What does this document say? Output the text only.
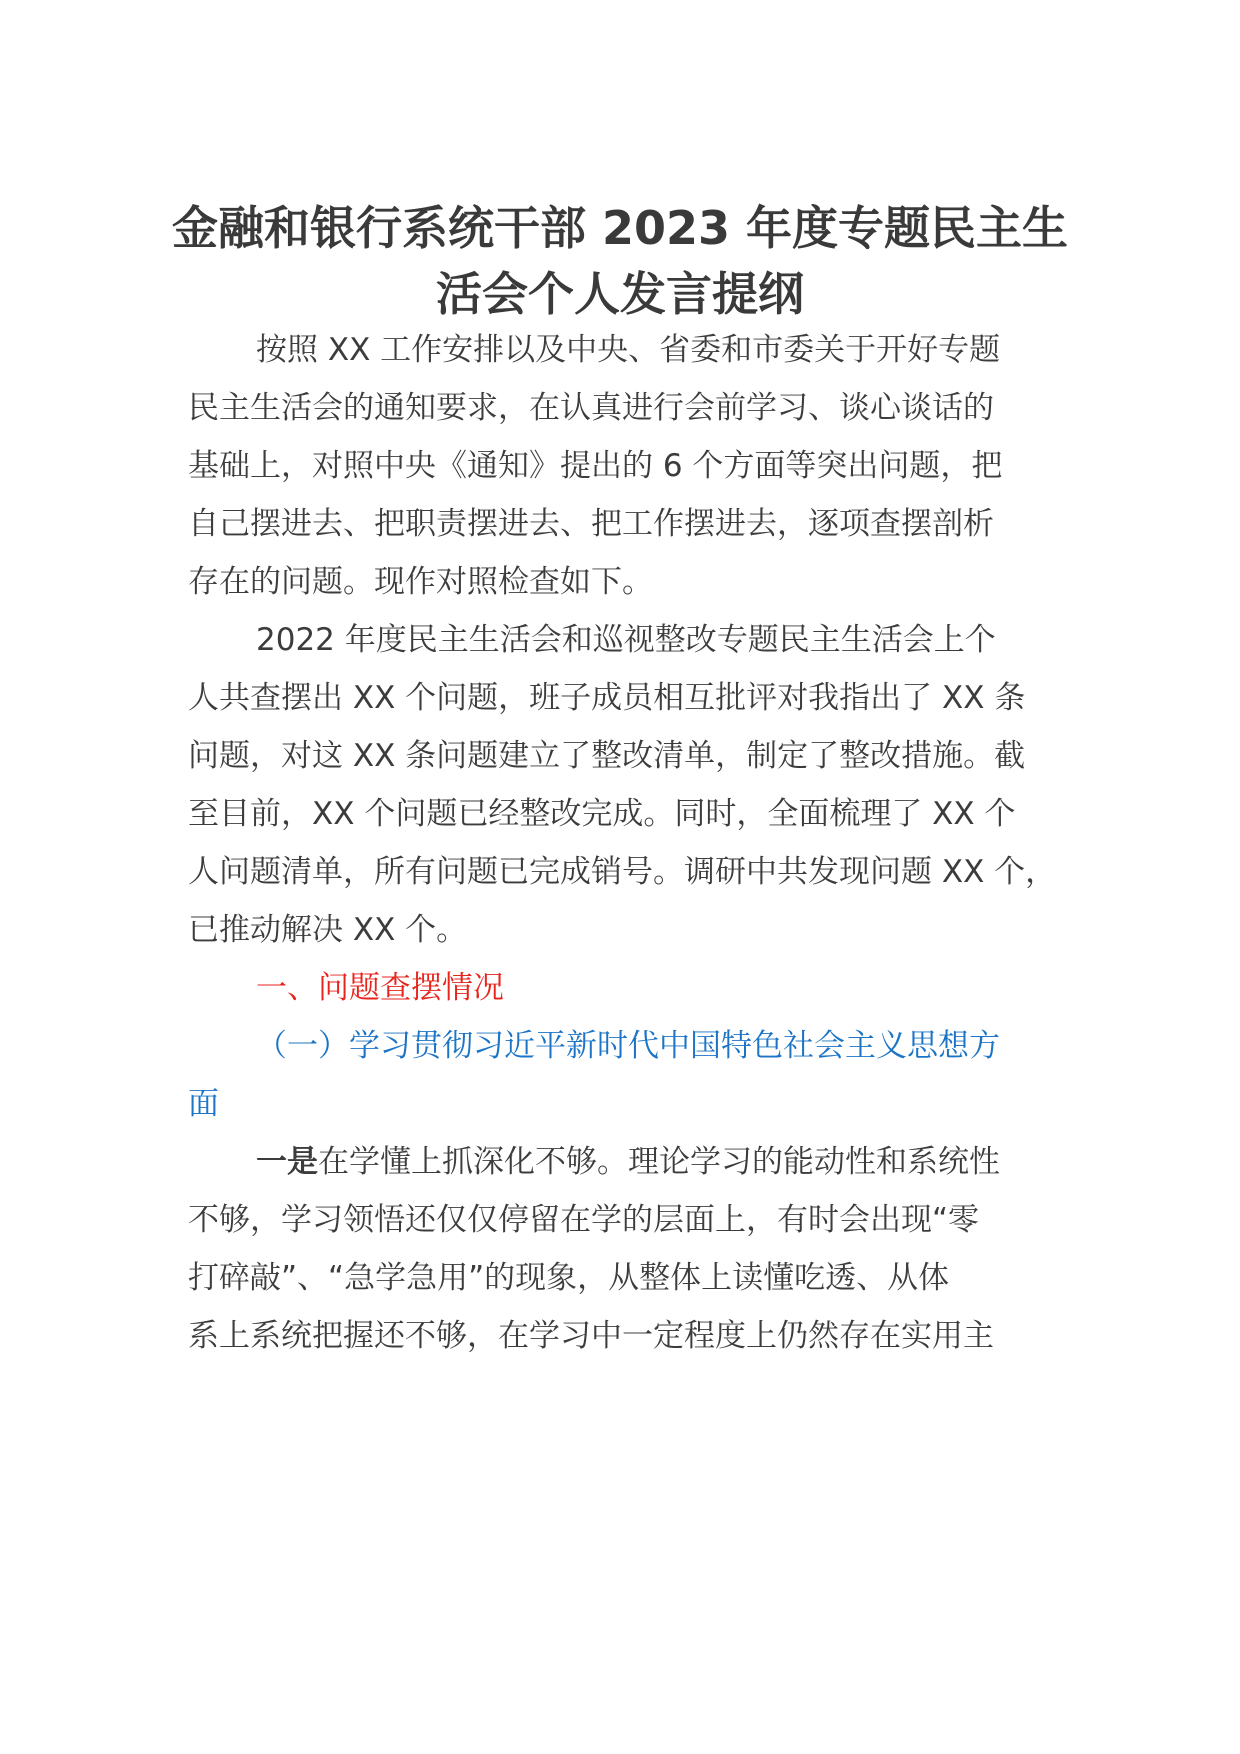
金融和银行系统干部 2023 年度专题民主生
活会个人发言提纲
按照 XX 工作安排以及中央、省委和市委关于开好专题
民主生活会的通知要求，在认真进行会前学习、谈心谈话的
基础上，对照中央《通知》提出的 6 个方面等突出问题，把
自己摆进去、把职责摆进去、把工作摆进去，逐项查摆剖析
存在的问题。现作对照检查如下。
2022 年度民主生活会和巡视整改专题民主生活会上个
人共查摆出 XX 个问题，班子成员相互批评对我指出了 XX 条
问题，对这 XX 条问题建立了整改清单，制定了整改措施。截
至目前，XX 个问题已经整改完成。同时，全面梳理了 XX 个
人问题清单，所有问题已完成销号。调研中共发现问题 XX 个，
已推动解决 XX 个。
一、问题查摆情况
（一）学习贯彻习近平新时代中国特色社会主义思想方
面
一是在学懂上抓深化不够。理论学习的能动性和系统性
不够，学习领悟还仅仅停留在学的层面上，有时会出现“零
打碎敲”、“急学急用”的现象，从整体上读懂吃透、从体
系上系统把握还不够，在学习中一定程度上仍然存在实用主
